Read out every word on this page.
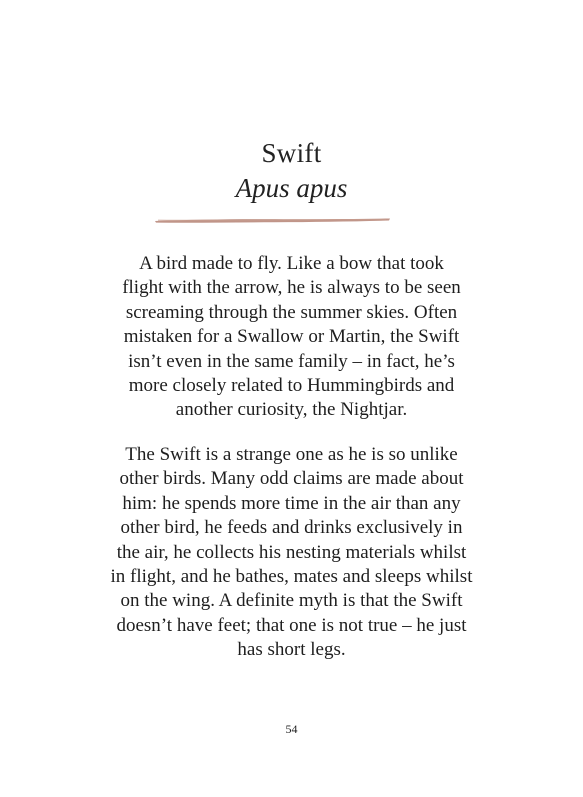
Swift
Apus apus
A bird made to fly. Like a bow that took
flight with the arrow, he is always to be seen
screaming through the summer skies. Often
mistaken for a Swallow or Martin, the Swift
isn’t even in the same family – in fact, he’s
more closely related to Hummingbirds and
another curiosity, the Nightjar.
The Swift is a strange one as he is so unlike
other birds. Many odd claims are made about
him: he spends more time in the air than any
other bird, he feeds and drinks exclusively in
the air, he collects his nesting materials whilst
in flight, and he bathes, mates and sleeps whilst
on the wing. A definite myth is that the Swift
doesn’t have feet; that one is not true – he just
has short legs.
54
